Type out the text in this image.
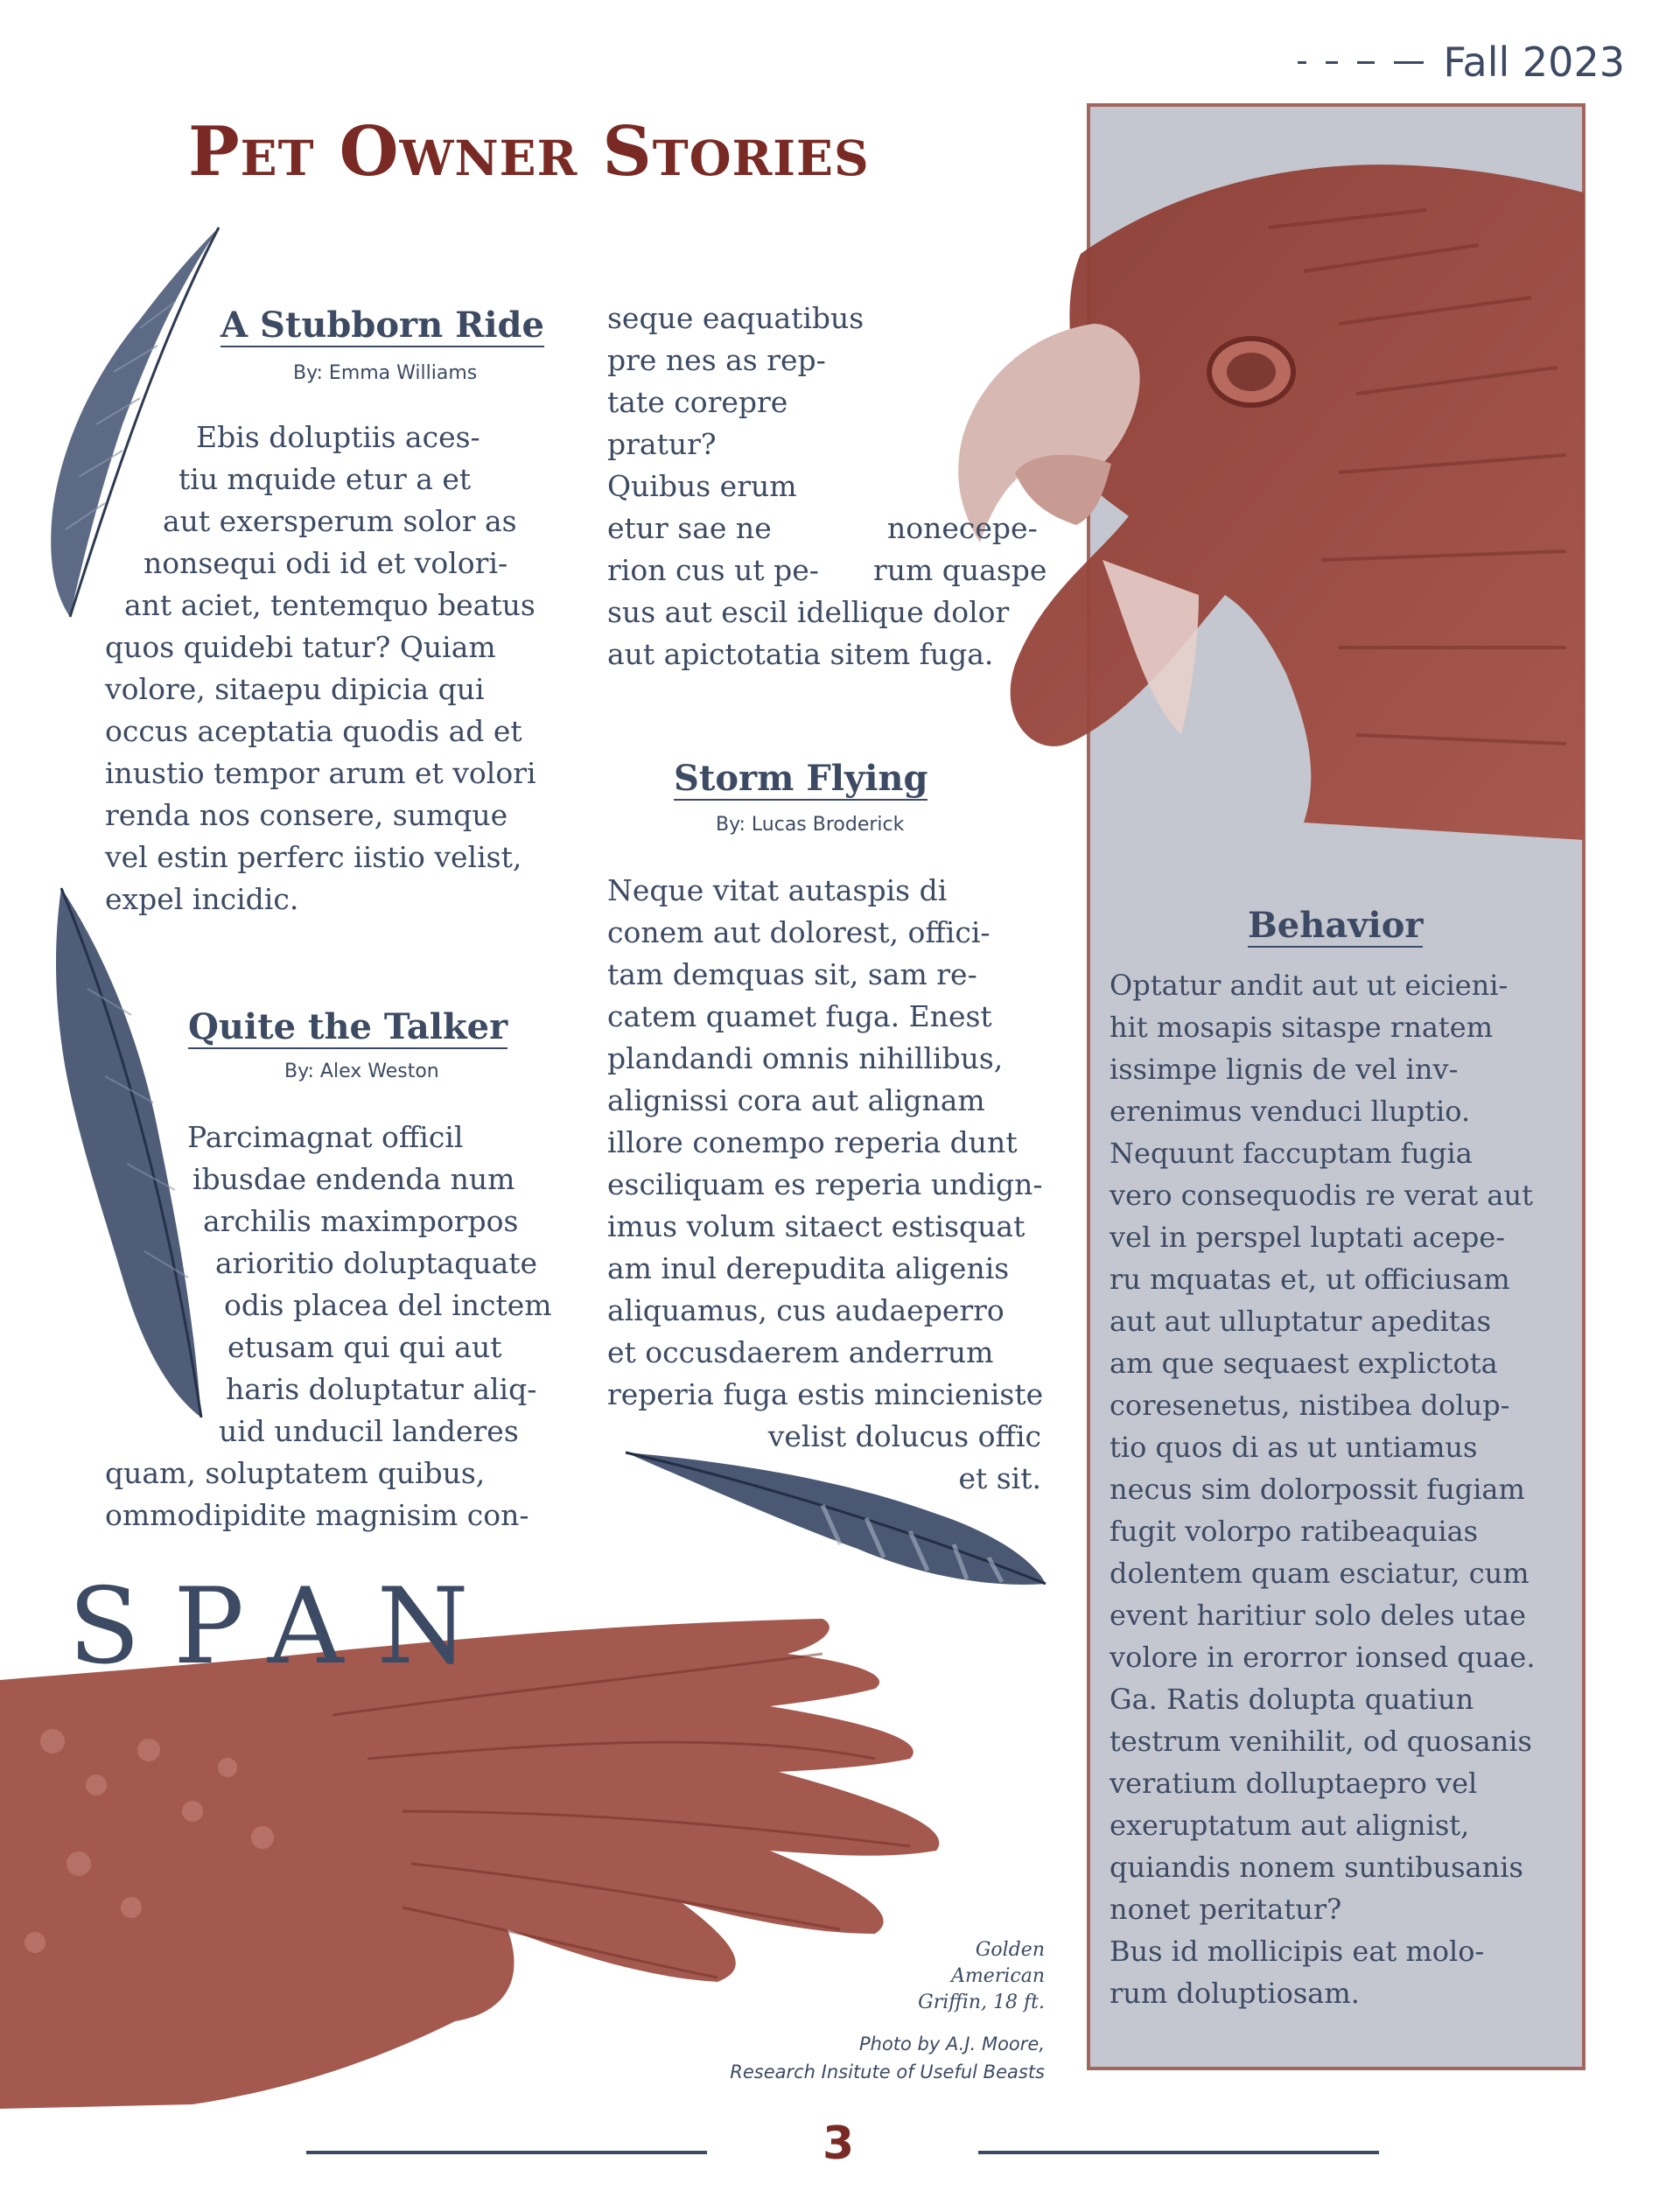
Fall 2023
Pet Owner Stories
A Stubborn Ride
By: Emma Williams
Ebis doluptiis aces-
tiu mquide etur a et
aut exersperum solor as
nonsequi odi id et volori-
ant aciet, tentemquo beatus
quos quidebi tatur? Quiam
volore, sitaepu dipicia qui
occus aceptatia quodis ad et
inustio tempor arum et volori
renda nos consere, sumque
vel estin perferc iistio velist,
expel incidic.
seque eaquatibus
pre nes as rep-
tate corepre
pratur?
Quibus erum
etur sae ne	nonecepe-
rion cus ut pe- rum quaspe
sus aut escil idellique dolor
aut apictotatia sitem fuga.
Quite the Talker
By: Alex Weston
Parcimagnat officil
ibusdae endenda num
archilis maximporpos
arioritio doluptaquate
odis placea del inctem
etusam qui qui aut
haris doluptatur aliq-
uid unducil landeres
quam, soluptatem quibus,
ommodipidite magnisim con-
Storm Flying
By: Lucas Broderick
Neque vitat autaspis di
conem aut dolorest, offici-
tam demquas sit, sam re-
catem quamet fuga. Enest
plandandi omnis nihillibus,
alignissi cora aut alignam
illore conempo reperia dunt
esciliquam es reperia undign-
imus volum sitaect estisquat
am inul derepudita aligenis
aliquamus, cus audaeperro
et occusdaerem anderrum
reperia fuga estis mincieniste
velist dolucus offic
et sit.
Behavior
Optatur andit aut ut eicieni-
hit mosapis sitaspe rnatem
issimpe lignis de vel inv-
erenimus venduci lluptio.
Nequunt faccuptam fugia
vero consequodis re verat aut
vel in perspel luptati acepe-
ru mquatas et, ut officiusam
aut aut ulluptatur apeditas
am que sequaest explictota
coresenetus, nistibea dolup-
tio quos di as ut untiamus
necus sim dolorpossit fugiam
fugit volorpo ratibeaquias
dolentem quam esciatur, cum
event haritiur solo deles utae
volore in erorror ionsed quae.
Ga. Ratis dolupta quatiun
testrum venihilit, od quosanis
veratium dolluptaepro vel
exeruptatum aut alignist,
quiandis nonem suntibusanis
nonet peritatur?
Bus id mollicipis eat molo-
rum doluptiosam.
SPAN
Golden
American
Griffin, 18 ft.
Photo by A.J. Moore,
Research Insitute of Useful Beasts
3
